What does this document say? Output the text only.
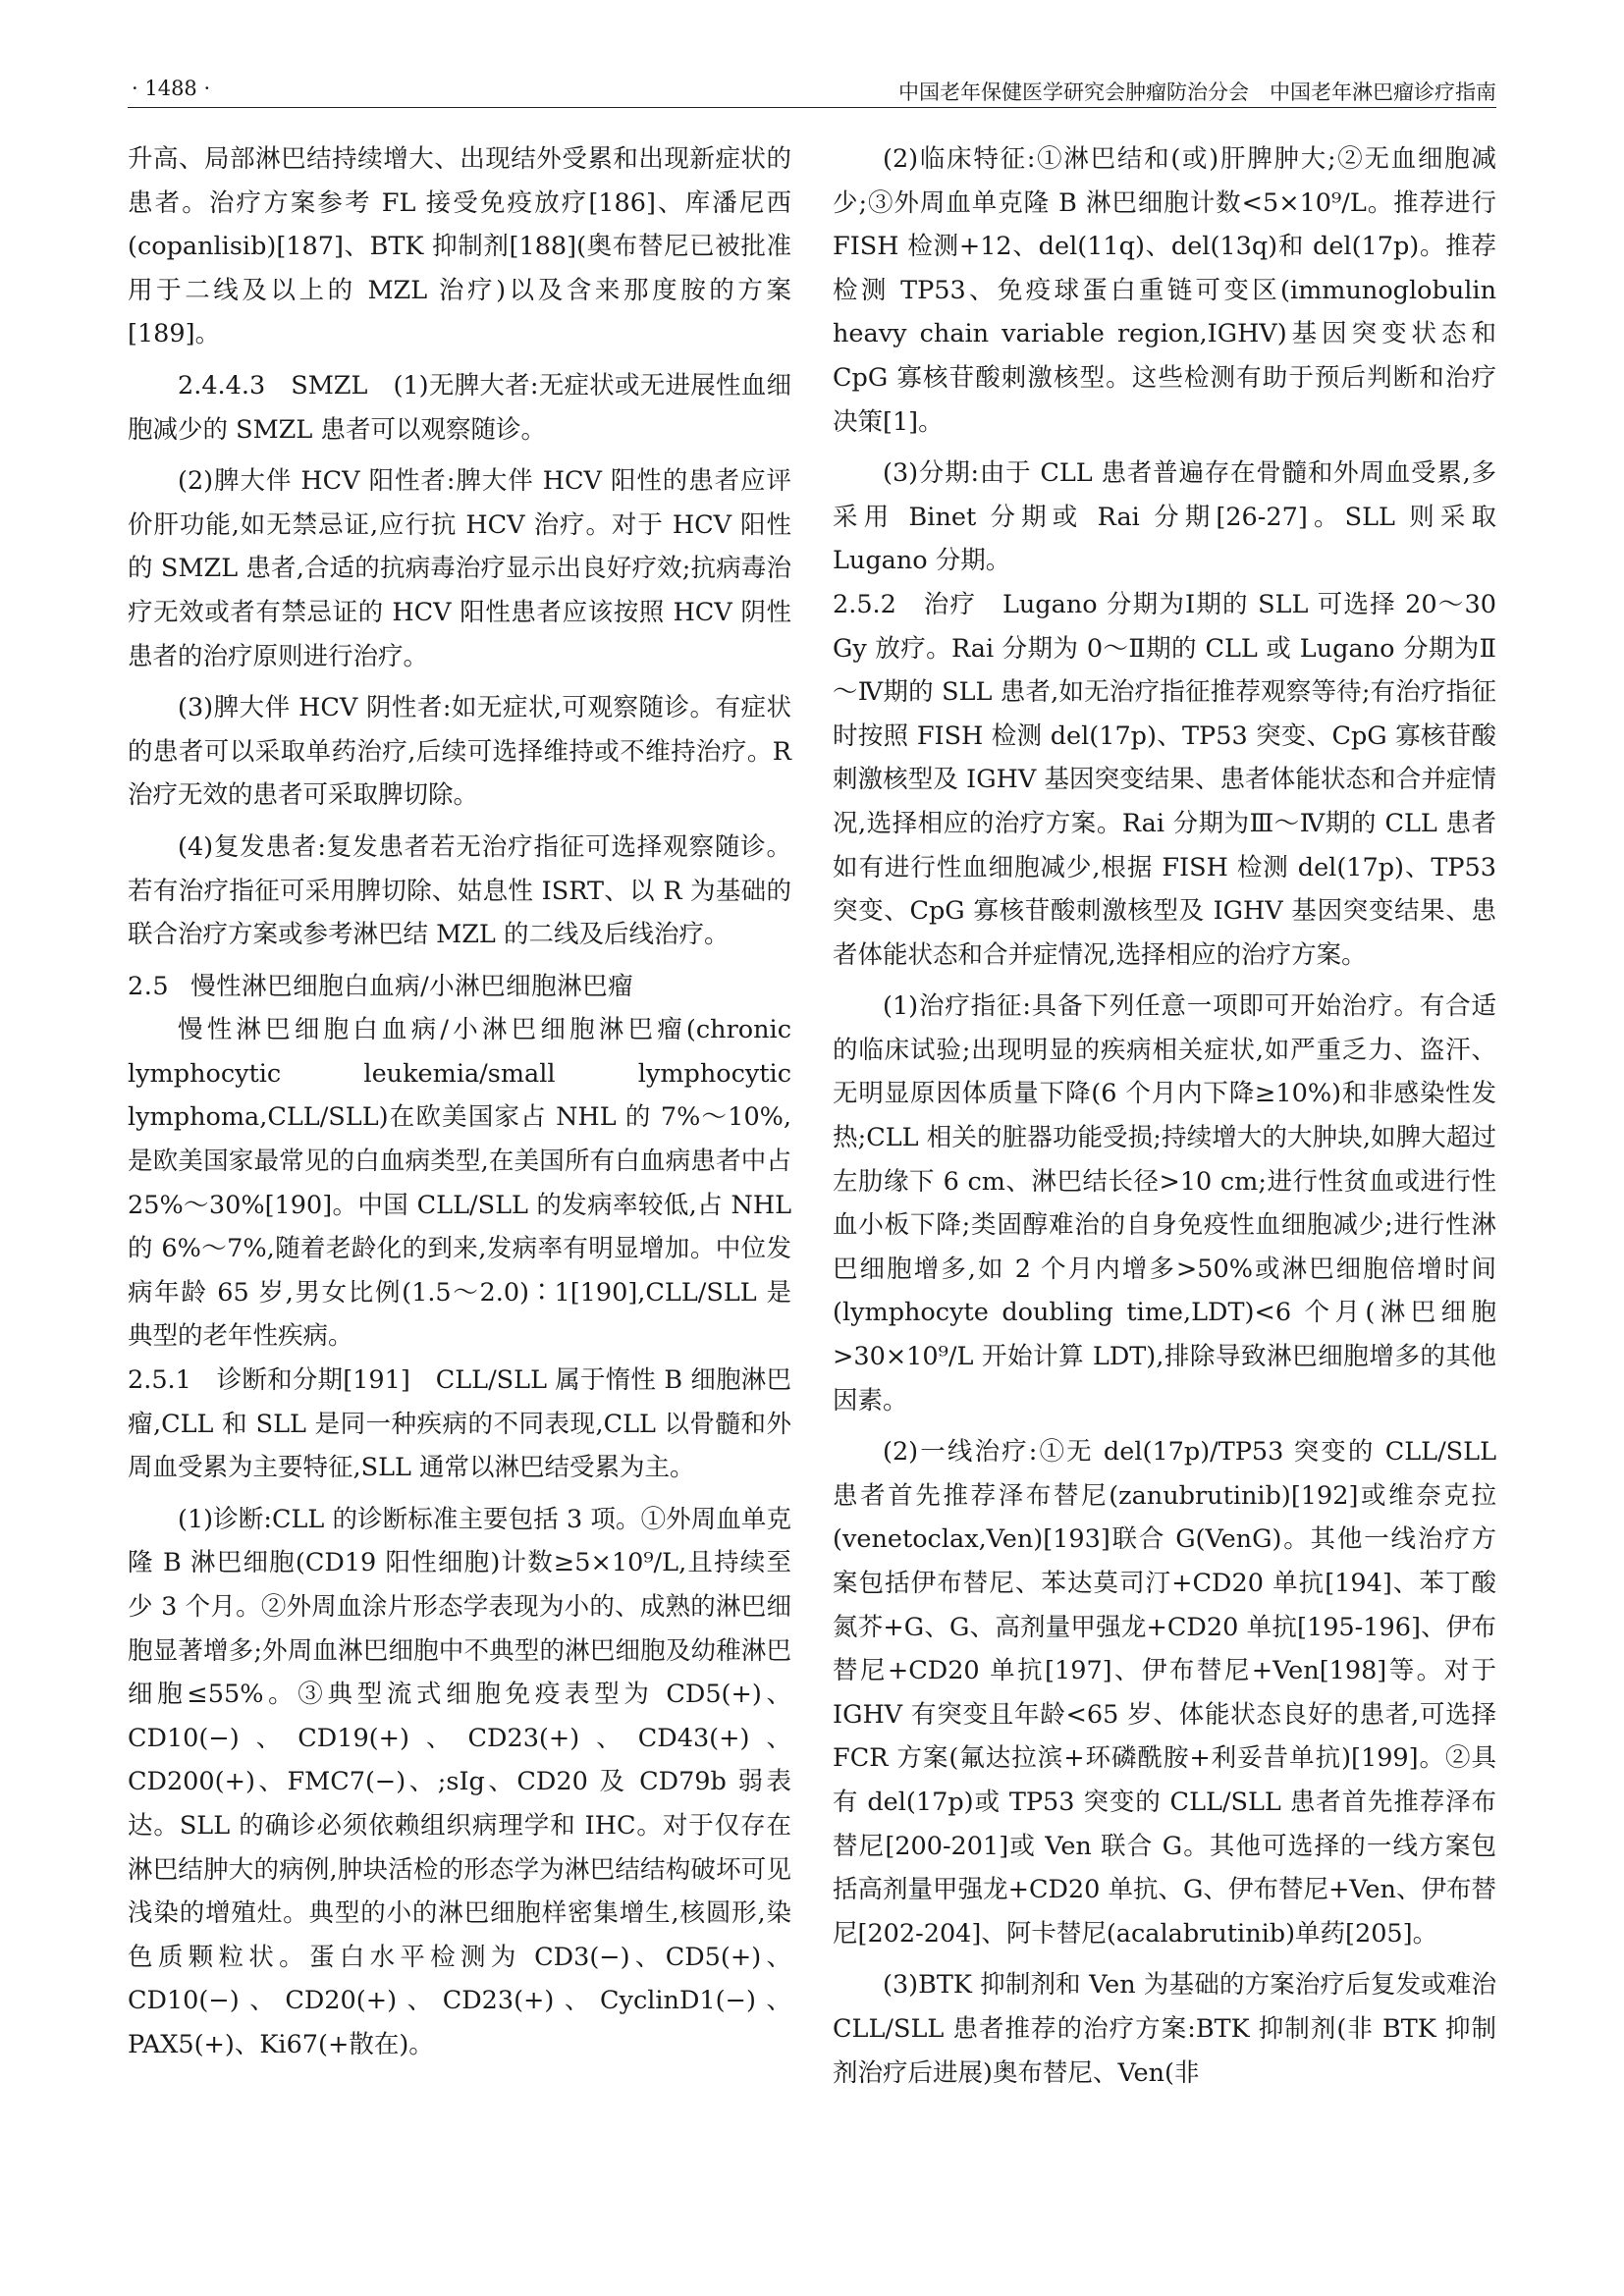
· 1488 ·	中国老年保健医学研究会肿瘤防治分会　中国老年淋巴瘤诊疗指南

升高、局部淋巴结持续增大、出现结外受累和出现新症状的患者。治疗方案参考 FL 接受免疫放疗[186]、库潘尼西(copanlisib)[187]、BTK 抑制剂[188](奥布替尼已被批准用于二线及以上的 MZL 治疗)以及含来那度胺的方案[189]。

2.4.4.3　SMZL　(1)无脾大者:无症状或无进展性血细胞减少的 SMZL 患者可以观察随诊。

(2)脾大伴 HCV 阳性者:脾大伴 HCV 阳性的患者应评价肝功能,如无禁忌证,应行抗 HCV 治疗。对于 HCV 阳性的 SMZL 患者,合适的抗病毒治疗显示出良好疗效;抗病毒治疗无效或者有禁忌证的 HCV 阳性患者应该按照 HCV 阴性患者的治疗原则进行治疗。

(3)脾大伴 HCV 阴性者:如无症状,可观察随诊。有症状的患者可以采取单药治疗,后续可选择维持或不维持治疗。R 治疗无效的患者可采取脾切除。

(4)复发患者:复发患者若无治疗指征可选择观察随诊。若有治疗指征可采用脾切除、姑息性 ISRT、以 R 为基础的联合治疗方案或参考淋巴结 MZL 的二线及后线治疗。

2.5 慢性淋巴细胞白血病/小淋巴细胞淋巴瘤

慢性淋巴细胞白血病/小淋巴细胞淋巴瘤(chronic lymphocytic leukemia/small lymphocytic lymphoma,CLL/SLL)在欧美国家占 NHL 的 7%～10%,是欧美国家最常见的白血病类型,在美国所有白血病患者中占 25%～30%[190]。中国 CLL/SLL 的发病率较低,占 NHL 的 6%～7%,随着老龄化的到来,发病率有明显增加。中位发病年龄 65 岁,男女比例(1.5～2.0)∶1[190],CLL/SLL 是典型的老年性疾病。

2.5.1　诊断和分期[191]　CLL/SLL 属于惰性 B 细胞淋巴瘤,CLL 和 SLL 是同一种疾病的不同表现,CLL 以骨髓和外周血受累为主要特征,SLL 通常以淋巴结受累为主。

(1)诊断:CLL 的诊断标准主要包括 3 项。①外周血单克隆 B 淋巴细胞(CD19 阳性细胞)计数≥5×10⁹/L,且持续至少 3 个月。②外周血涂片形态学表现为小的、成熟的淋巴细胞显著增多;外周血淋巴细胞中不典型的淋巴细胞及幼稚淋巴细胞≤55%。③典型流式细胞免疫表型为 CD5(+)、CD10(−)、CD19(+)、CD23(+)、CD43(+)、CD200(+)、FMC7(−)、;sIg、CD20 及 CD79b 弱表达。SLL 的确诊必须依赖组织病理学和 IHC。对于仅存在淋巴结肿大的病例,肿块活检的形态学为淋巴结结构破坏可见浅染的增殖灶。典型的小的淋巴细胞样密集增生,核圆形,染色质颗粒状。蛋白水平检测为 CD3(−)、CD5(+)、CD10(−)、CD20(+)、CD23(+)、CyclinD1(−)、PAX5(+)、Ki67(+散在)。

(2)临床特征:①淋巴结和(或)肝脾肿大;②无血细胞减少;③外周血单克隆 B 淋巴细胞计数<5×10⁹/L。推荐进行 FISH 检测+12、del(11q)、del(13q)和 del(17p)。推荐检测 TP53、免疫球蛋白重链可变区(immunoglobulin heavy chain variable region,IGHV)基因突变状态和 CpG 寡核苷酸刺激核型。这些检测有助于预后判断和治疗决策[1]。

(3)分期:由于 CLL 患者普遍存在骨髓和外周血受累,多采用 Binet 分期或 Rai 分期[26-27]。SLL 则采取 Lugano 分期。

2.5.2　治疗　Lugano 分期为Ⅰ期的 SLL 可选择 20～30 Gy 放疗。Rai 分期为 0～Ⅱ期的 CLL 或 Lugano 分期为Ⅱ～Ⅳ期的 SLL 患者,如无治疗指征推荐观察等待;有治疗指征时按照 FISH 检测 del(17p)、TP53 突变、CpG 寡核苷酸刺激核型及 IGHV 基因突变结果、患者体能状态和合并症情况,选择相应的治疗方案。Rai 分期为Ⅲ～Ⅳ期的 CLL 患者如有进行性血细胞减少,根据 FISH 检测 del(17p)、TP53 突变、CpG 寡核苷酸刺激核型及 IGHV 基因突变结果、患者体能状态和合并症情况,选择相应的治疗方案。

(1)治疗指征:具备下列任意一项即可开始治疗。有合适的临床试验;出现明显的疾病相关症状,如严重乏力、盗汗、无明显原因体质量下降(6 个月内下降≥10%)和非感染性发热;CLL 相关的脏器功能受损;持续增大的大肿块,如脾大超过左肋缘下 6 cm、淋巴结长径>10 cm;进行性贫血或进行性血小板下降;类固醇难治的自身免疫性血细胞减少;进行性淋巴细胞增多,如 2 个月内增多>50%或淋巴细胞倍增时间(lymphocyte doubling time,LDT)<6 个月(淋巴细胞>30×10⁹/L 开始计算 LDT),排除导致淋巴细胞增多的其他因素。

(2)一线治疗:①无 del(17p)/TP53 突变的 CLL/SLL 患者首先推荐泽布替尼(zanubrutinib)[192]或维奈克拉(venetoclax,Ven)[193]联合 G(VenG)。其他一线治疗方案包括伊布替尼、苯达莫司汀+CD20 单抗[194]、苯丁酸氮芥+G、G、高剂量甲强龙+CD20 单抗[195-196]、伊布替尼+CD20 单抗[197]、伊布替尼+Ven[198]等。对于 IGHV 有突变且年龄<65 岁、体能状态良好的患者,可选择 FCR 方案(氟达拉滨+环磷酰胺+利妥昔单抗)[199]。②具有 del(17p)或 TP53 突变的 CLL/SLL 患者首先推荐泽布替尼[200-201]或 Ven 联合 G。其他可选择的一线方案包括高剂量甲强龙+CD20 单抗、G、伊布替尼+Ven、伊布替尼[202-204]、阿卡替尼(acalabrutinib)单药[205]。

(3)BTK 抑制剂和 Ven 为基础的方案治疗后复发或难治 CLL/SLL 患者推荐的治疗方案:BTK 抑制剂(非 BTK 抑制剂治疗后进展)奥布替尼、Ven(非
